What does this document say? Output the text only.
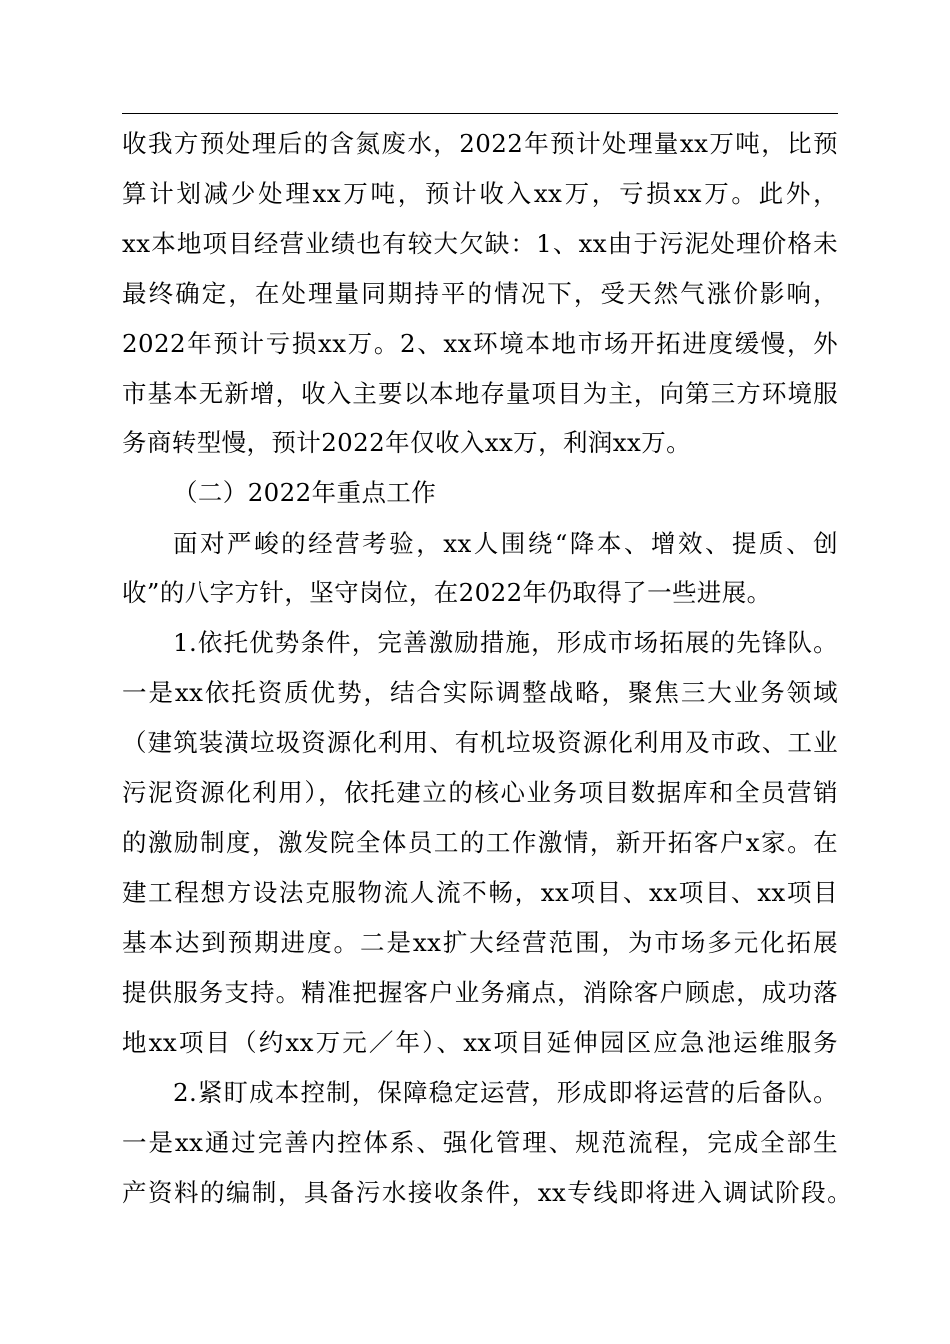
收我方预处理后的含氮废水，2022年预计处理量xx万吨，比预
算计划减少处理xx万吨，预计收入xx万，亏损xx万。此外，
xx本地项目经营业绩也有较大欠缺：1、xx由于污泥处理价格未
最终确定，在处理量同期持平的情况下，受天然气涨价影响，
2022年预计亏损xx万。2、xx环境本地市场开拓进度缓慢，外
市基本无新增，收入主要以本地存量项目为主，向第三方环境服
务商转型慢，预计2022年仅收入xx万，利润xx万。
（二）2022年重点工作
面对严峻的经营考验，xx人围绕“降本、增效、提质、创
收”的八字方针，坚守岗位，在2022年仍取得了一些进展。
1.依托优势条件，完善激励措施，形成市场拓展的先锋队。
一是xx依托资质优势，结合实际调整战略，聚焦三大业务领域
（建筑装潢垃圾资源化利用、有机垃圾资源化利用及市政、工业
污泥资源化利用），依托建立的核心业务项目数据库和全员营销
的激励制度，激发院全体员工的工作激情，新开拓客户x家。在
建工程想方设法克服物流人流不畅，xx项目、xx项目、xx项目
基本达到预期进度。二是xx扩大经营范围，为市场多元化拓展
提供服务支持。精准把握客户业务痛点，消除客户顾虑，成功落
地xx项目（约xx万元／年）、xx项目延伸园区应急池运维服务
2.紧盯成本控制，保障稳定运营，形成即将运营的后备队。
一是xx通过完善内控体系、强化管理、规范流程，完成全部生
产资料的编制，具备污水接收条件，xx专线即将进入调试阶段。
